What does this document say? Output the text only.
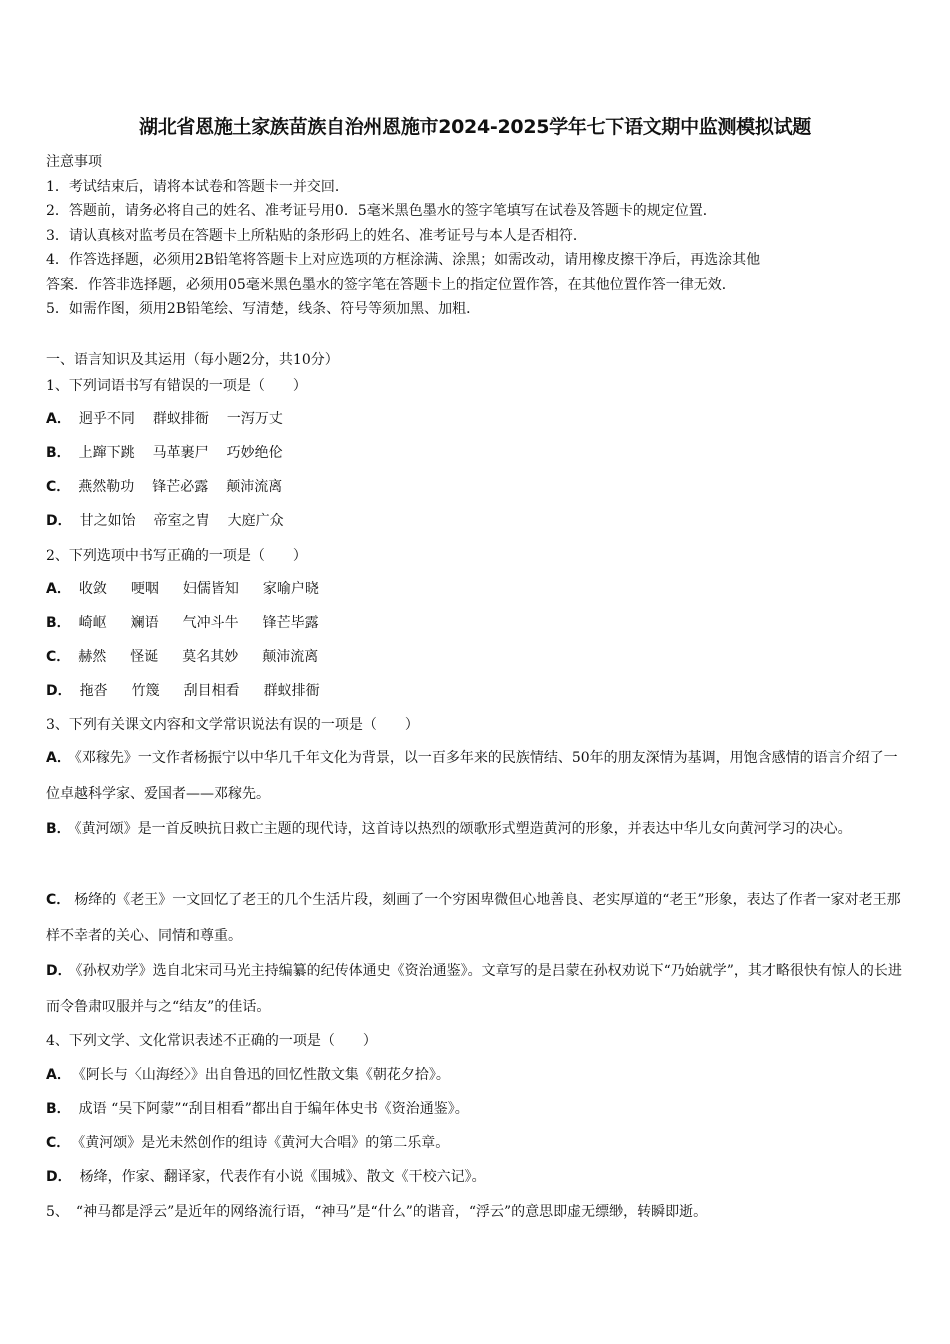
湖北省恩施土家族苗族自治州恩施市2024-2025学年七下语文期中监测模拟试题
注意事项
1．考试结束后，请将本试卷和答题卡一并交回．
2．答题前，请务必将自己的姓名、准考证号用0．5毫米黑色墨水的签字笔填写在试卷及答题卡的规定位置．
3．请认真核对监考员在答题卡上所粘贴的条形码上的姓名、准考证号与本人是否相符．
4．作答选择题，必须用2B铅笔将答题卡上对应选项的方框涂满、涂黑；如需改动，请用橡皮擦干净后，再选涂其他
答案．作答非选择题，必须用05毫米黑色墨水的签字笔在答题卡上的指定位置作答，在其他位置作答一律无效．
5．如需作图，须用2B铅笔绘、写清楚，线条、符号等须加黑、加粗．
一、语言知识及其运用（每小题2分，共10分）
1、下列词语书写有错误的一项是（　　）
A． 迥乎不同 群蚁排衙 一泻万丈
B． 上蹿下跳 马革裹尸 巧妙绝伦
C． 燕然勒功 锋芒必露 颠沛流离
D． 甘之如饴 帝室之胄 大庭广众
2、下列选项中书写正确的一项是（　　）
A． 收敛 哽咽 妇儒皆知 家喻户晓
B． 崎岖 斓语 气冲斗牛 锋芒毕露
C． 赫然 怪诞 莫名其妙 颠沛流离
D． 拖沓 竹篾 刮目相看 群蚁排衙
3、下列有关课文内容和文学常识说法有误的一项是（　　）
A． 《邓稼先》一文作者杨振宁以中华几千年文化为背景，以一百多年来的民族情结、50年的朋友深情为基调，用饱含感情的语言介绍了一位卓越科学家、爱国者——邓稼先。
B． 《黄河颂》是一首反映抗日救亡主题的现代诗，这首诗以热烈的颂歌形式塑造黄河的形象，并表达中华儿女向黄河学习的决心。
C． 杨绛的《老王》一文回忆了老王的几个生活片段，刻画了一个穷困卑微但心地善良、老实厚道的“老王”形象，表达了作者一家对老王那样不幸者的关心、同情和尊重。
D． 《孙权劝学》选自北宋司马光主持编纂的纪传体通史《资治通鉴》。文章写的是吕蒙在孙权劝说下“乃始就学”，其才略很快有惊人的长进而令鲁肃叹服并与之“结友”的佳话。
4、下列文学、文化常识表述不正确的一项是（　　）
A． 《阿长与〈山海经〉》出自鲁迅的回忆性散文集《朝花夕拾》。
B． 成语 “吴下阿蒙”“刮目相看”都出自于编年体史书《资治通鉴》。
C． 《黄河颂》是光未然创作的组诗《黄河大合唱》的第二乐章。
D． 杨绛，作家、翻译家，代表作有小说《围城》、散文《干校六记》。
5、　“神马都是浮云”是近年的网络流行语，“神马”是“什么”的谐音，“浮云”的意思即虚无缥缈，转瞬即逝。
